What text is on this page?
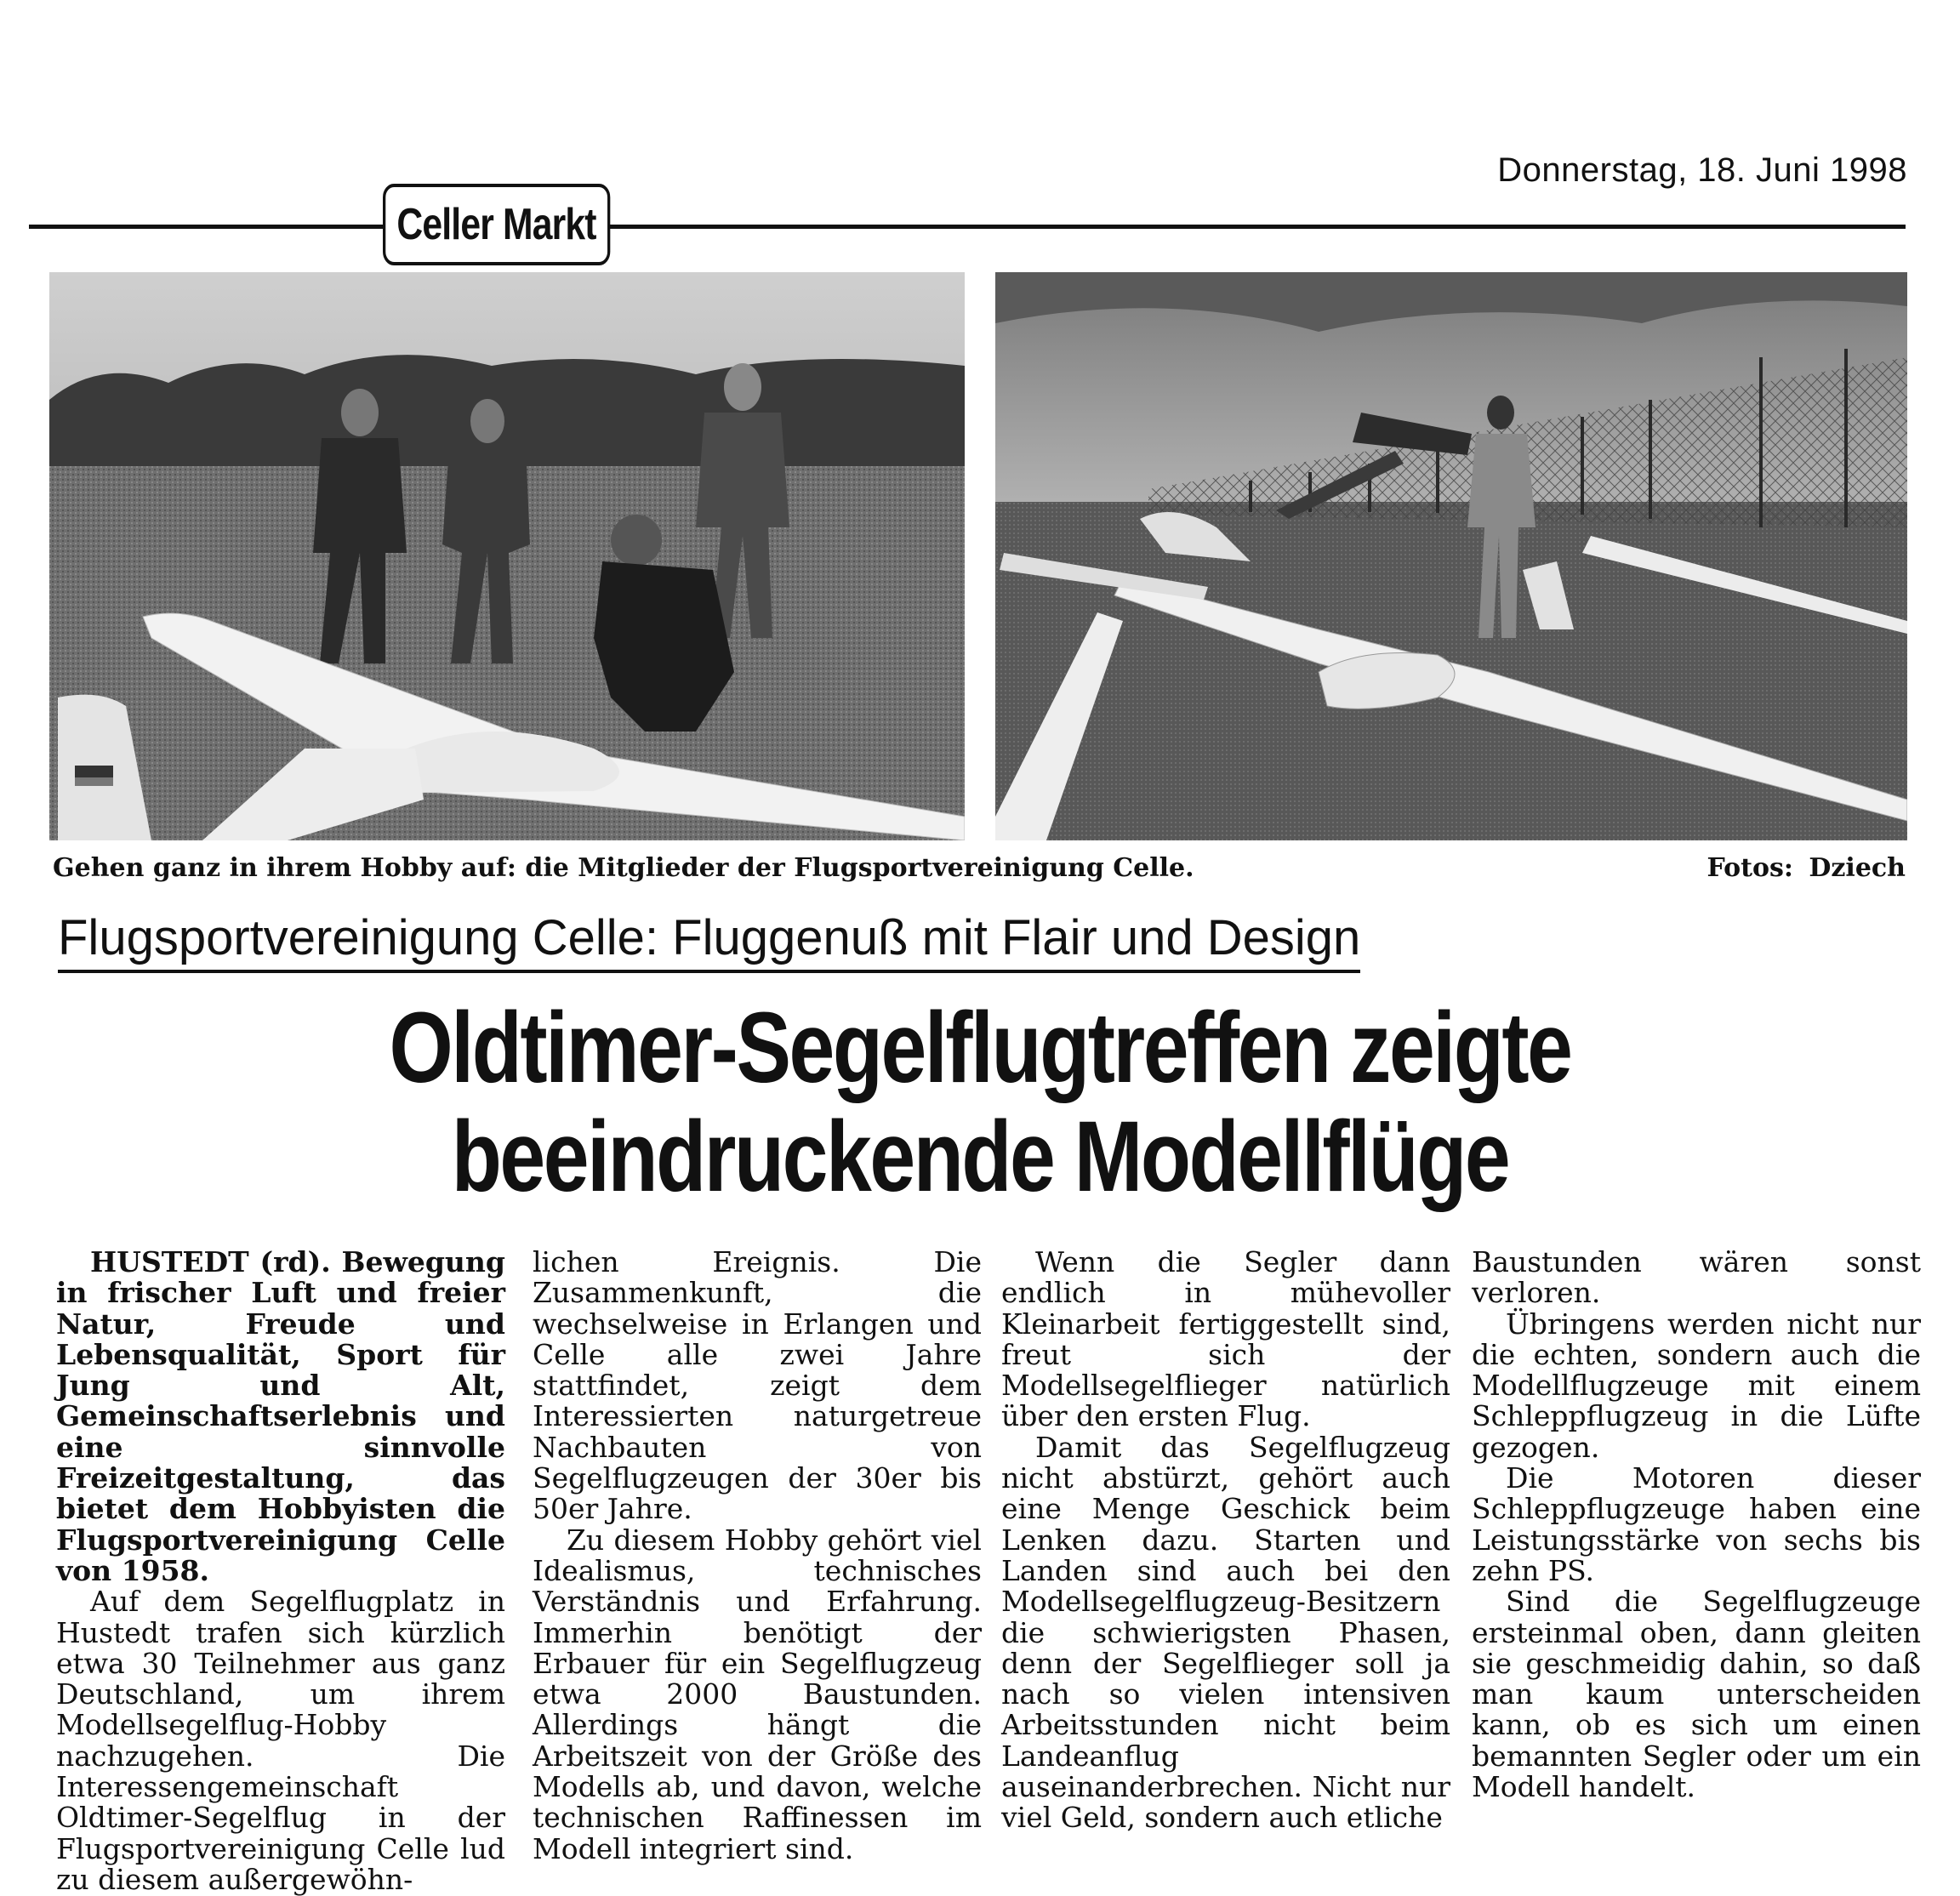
Donnerstag, 18. Juni 1998
Celler Markt
Gehen ganz in ihrem Hobby auf: die Mitglieder der Flugsportvereinigung Celle.	Fotos: Dziech
Flugsportvereinigung Celle: Fluggenuß mit Flair und Design
Oldtimer-Segelflugtreffen zeigte
beeindruckende Modellflüge

HUSTEDT (rd). Bewegung in frischer Luft und freier Natur, Freude und Lebensqualität, Sport für Jung und Alt, Gemeinschaftserlebnis und eine sinnvolle Freizeitgestaltung, das bietet dem Hobbyisten die Flugsportvereinigung Celle von 1958.

Auf dem Segelflugplatz in Hustedt trafen sich kürzlich etwa 30 Teilnehmer aus ganz Deutschland, um ihrem Modellsegelflug-Hobby nachzugehen. Die Interessengemeinschaft Oldtimer-Segelflug in der Flugsportvereinigung Celle lud zu diesem außergewöhn-

lichen Ereignis. Die Zusammenkunft, die wechselweise in Erlangen und Celle alle zwei Jahre stattfindet, zeigt dem Interessierten naturgetreue Nachbauten von Segelflugzeugen der 30er bis 50er Jahre.

Zu diesem Hobby gehört viel Idealismus, technisches Verständnis und Erfahrung. Immerhin benötigt der Erbauer für ein Segelflugzeug etwa 2000 Baustunden. Allerdings hängt die Arbeitszeit von der Größe des Modells ab, und davon, welche technischen Raffinessen im Modell integriert sind.

Wenn die Segler dann endlich in mühevoller Kleinarbeit fertiggestellt sind, freut sich der Modellsegelflieger natürlich über den ersten Flug.

Damit das Segelflugzeug nicht abstürzt, gehört auch eine Menge Geschick beim Lenken dazu. Starten und Landen sind auch bei den Modellsegelflugzeug-Besitzern die schwierigsten Phasen, denn der Segelflieger soll ja nach so vielen intensiven Arbeitsstunden nicht beim Landeanflug auseinanderbrechen. Nicht nur viel Geld, sondern auch etliche

Baustunden wären sonst verloren.

Übringens werden nicht nur die echten, sondern auch die Modellflugzeuge mit einem Schleppflugzeug in die Lüfte gezogen.

Die Motoren dieser Schleppflugzeuge haben eine Leistungsstärke von sechs bis zehn PS.

Sind die Segelflugzeuge ersteinmal oben, dann gleiten sie geschmeidig dahin, so daß man kaum unterscheiden kann, ob es sich um einen bemannten Segler oder um ein Modell handelt.
